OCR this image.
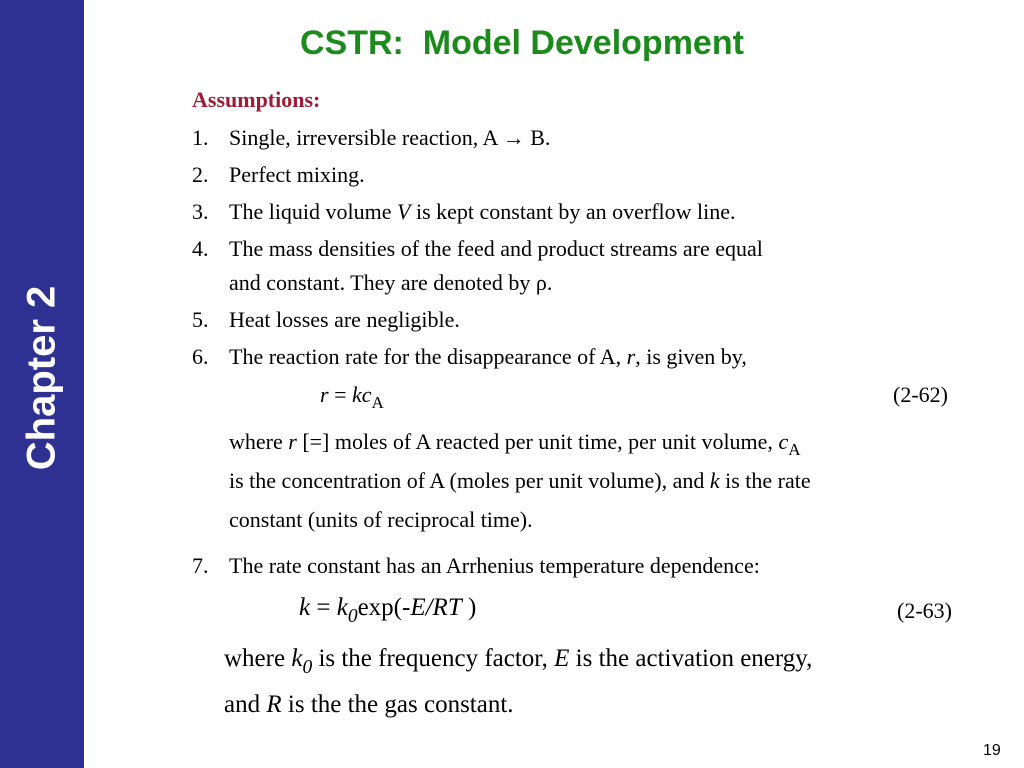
Chapter 2
CSTR:  Model Development
Assumptions:
1. Single, irreversible reaction, A → B.
2. Perfect mixing.
3. The liquid volume V is kept constant by an overflow line.
4. The mass densities of the feed and product streams are equal
and constant. They are denoted by ρ.
5. Heat losses are negligible.
6. The reaction rate for the disappearance of A, r, is given by,
$r = kc_A$	(2-62)
where r [=] moles of A reacted per unit time, per unit volume, $c_A$
is the concentration of A (moles per unit volume), and k is the rate
constant (units of reciprocal time).
7. The rate constant has an Arrhenius temperature dependence:
$k = k_0\exp(-E/RT$ )	(2-63)
where $k_0$ is the frequency factor, E is the activation energy,
and R is the the gas constant.
19
